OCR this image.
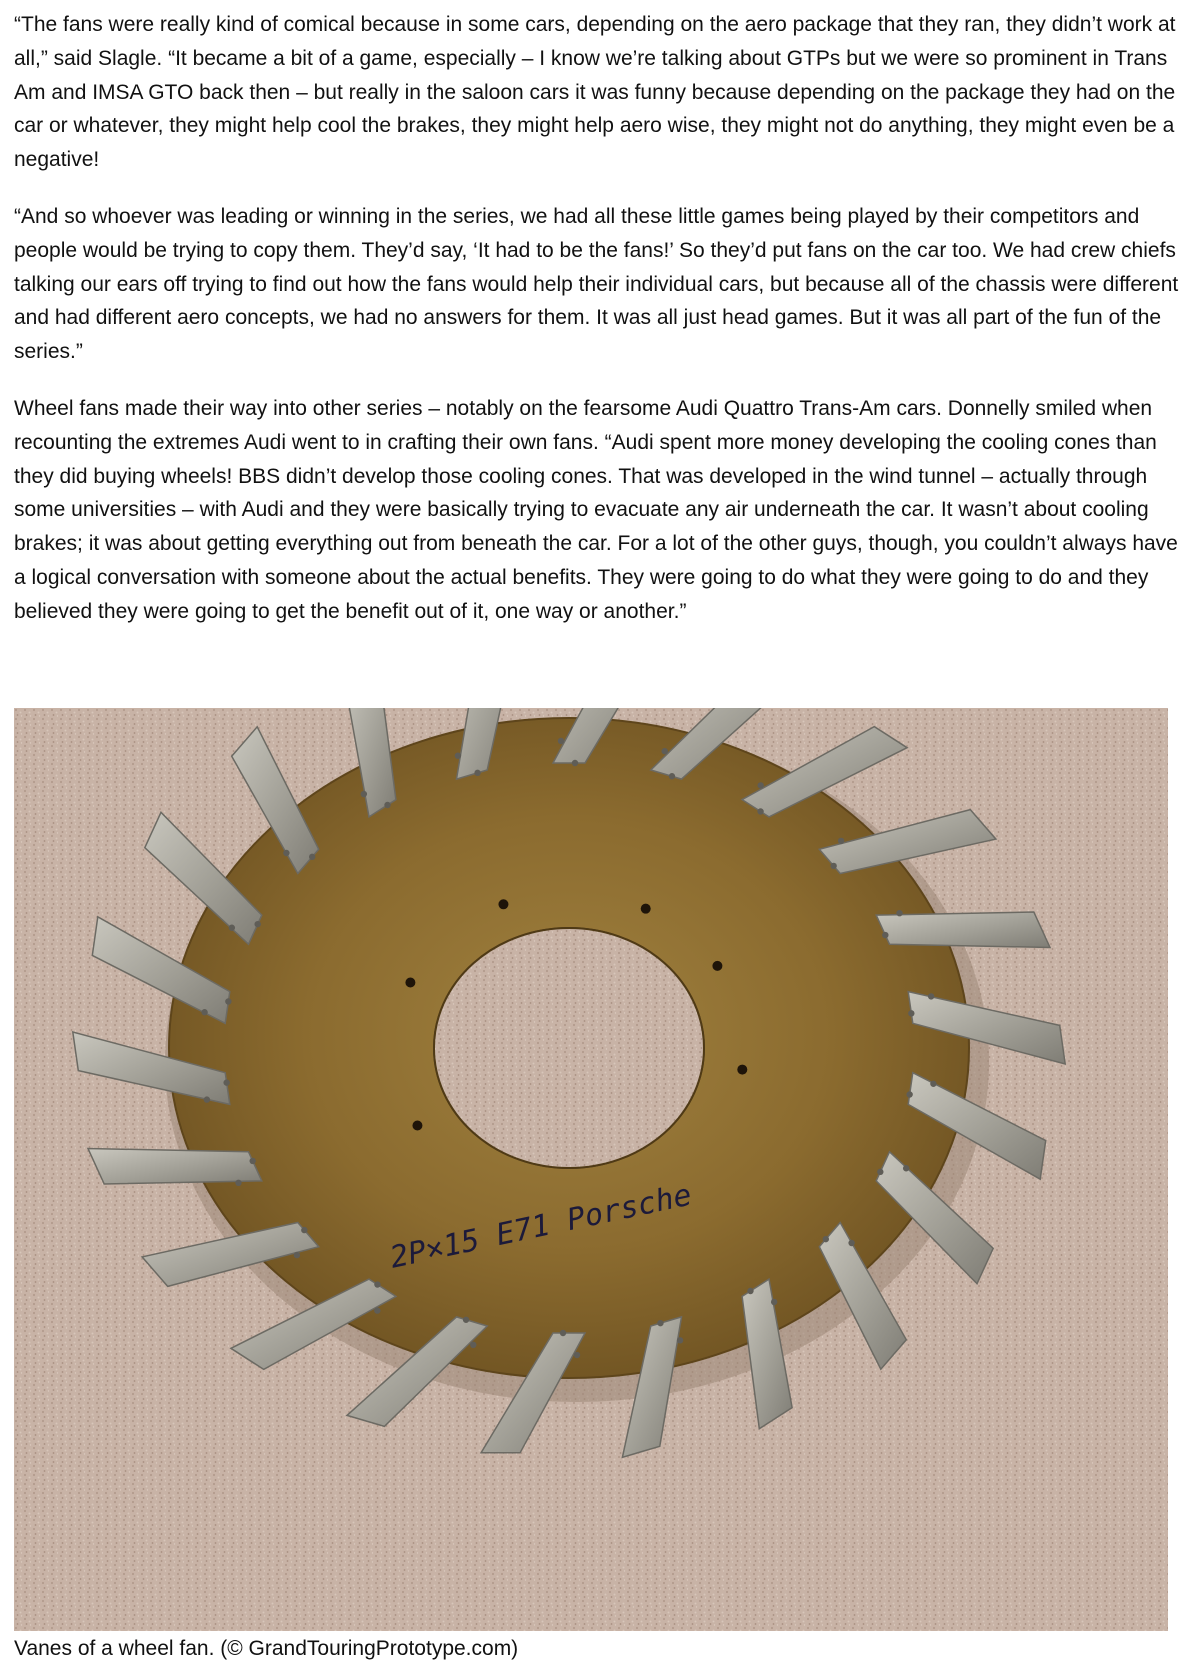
“The fans were really kind of comical because in some cars, depending on the aero package that they ran, they didn’t work at all,” said Slagle. “It became a bit of a game, especially – I know we’re talking about GTPs but we were so prominent in Trans Am and IMSA GTO back then – but really in the saloon cars it was funny because depending on the package they had on the car or whatever, they might help cool the brakes, they might help aero wise, they might not do anything, they might even be a negative!

“And so whoever was leading or winning in the series, we had all these little games being played by their competitors and people would be trying to copy them. They’d say, ‘It had to be the fans!’ So they’d put fans on the car too. We had crew chiefs talking our ears off trying to find out how the fans would help their individual cars, but because all of the chassis were different and had different aero concepts, we had no answers for them. It was all just head games. But it was all part of the fun of the series.”

Wheel fans made their way into other series – notably on the fearsome Audi Quattro Trans-Am cars. Donnelly smiled when recounting the extremes Audi went to in crafting their own fans. “Audi spent more money developing the cooling cones than they did buying wheels! BBS didn’t develop those cooling cones. That was developed in the wind tunnel – actually through some universities – with Audi and they were basically trying to evacuate any air underneath the car. It wasn’t about cooling brakes; it was about getting everything out from beneath the car. For a lot of the other guys, though, you couldn’t always have a logical conversation with someone about the actual benefits. They were going to do what they were going to do and they believed they were going to get the benefit out of it, one way or another.”

2P×15 E71 Porsche
Vanes of a wheel fan. (© GrandTouringPrototype.com)
